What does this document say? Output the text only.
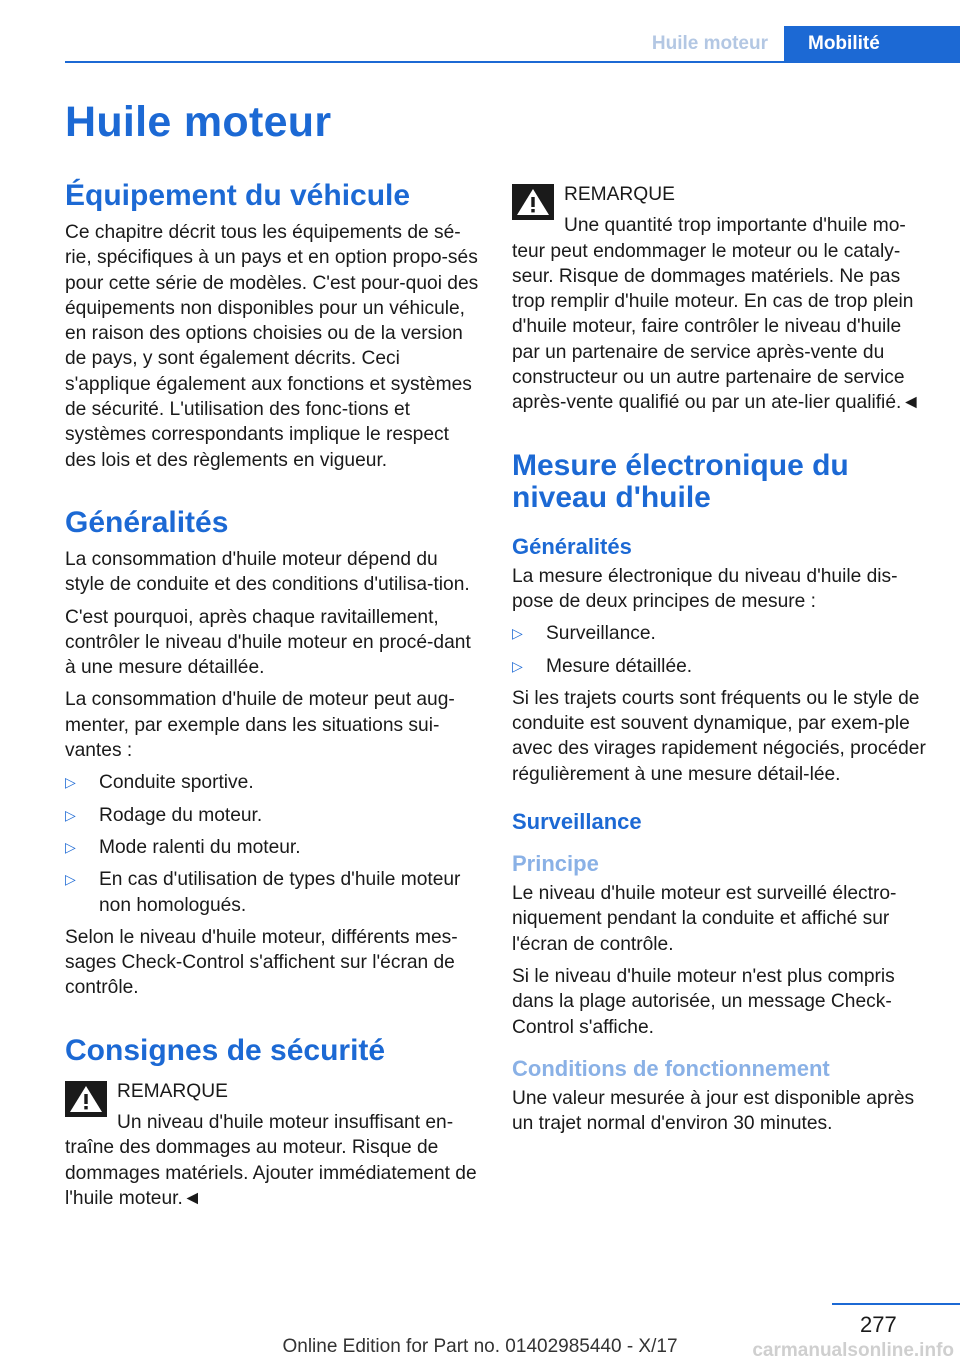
Huile moteur	Mobilité
Huile moteur
Équipement du véhicule

Ce chapitre décrit tous les équipements de sé‐rie, spécifiques à un pays et en option propo‐sés pour cette série de modèles. C'est pour‐quoi des équipements non disponibles pour un véhicule, en raison des options choisies ou de la version de pays, y sont également décrits. Ceci s'applique également aux fonctions et systèmes de sécurité. L'utilisation des fonc‐tions et systèmes correspondants implique le respect des lois et des règlements en vigueur.

Généralités

La consommation d'huile moteur dépend du style de conduite et des conditions d'utilisa‐tion.

C'est pourquoi, après chaque ravitaillement, contrôler le niveau d'huile moteur en procé‐dant à une mesure détaillée.

La consommation d'huile de moteur peut aug‐menter, par exemple dans les situations sui‐vantes :

▷	Conduite sportive.
▷	Rodage du moteur.
▷	Mode ralenti du moteur.
▷	En cas d'utilisation de types d'huile moteur non homologués.

Selon le niveau d'huile moteur, différents mes‐sages Check-Control s'affichent sur l'écran de contrôle.

Consignes de sécurité
REMARQUE

Un niveau d'huile moteur insuffisant en‐traîne des dommages au moteur. Risque de dommages matériels. Ajouter immédiatement de l'huile moteur.◄

REMARQUE

Une quantité trop importante d'huile mo‐teur peut endommager le moteur ou le cataly‐seur. Risque de dommages matériels. Ne pas trop remplir d'huile moteur. En cas de trop plein d'huile moteur, faire contrôler le niveau d'huile par un partenaire de service après-vente du constructeur ou un autre partenaire de service après-vente qualifié ou par un ate‐lier qualifié.◄

Mesure électronique du niveau d'huile
Généralités

La mesure électronique du niveau d'huile dis‐pose de deux principes de mesure :

▷	Surveillance.
▷	Mesure détaillée.

Si les trajets courts sont fréquents ou le style de conduite est souvent dynamique, par exem‐ple avec des virages rapidement négociés, procéder régulièrement à une mesure détail‐lée.

Surveillance
Principe

Le niveau d'huile moteur est surveillé électro‐niquement pendant la conduite et affiché sur l'écran de contrôle.

Si le niveau d'huile moteur n'est plus compris dans la plage autorisée, un message Check-Control s'affiche.

Conditions de fonctionnement

Une valeur mesurée à jour est disponible après un trajet normal d'environ 30 minutes.

277
Online Edition for Part no. 01402985440 - X/17	carmanualsonline.info
